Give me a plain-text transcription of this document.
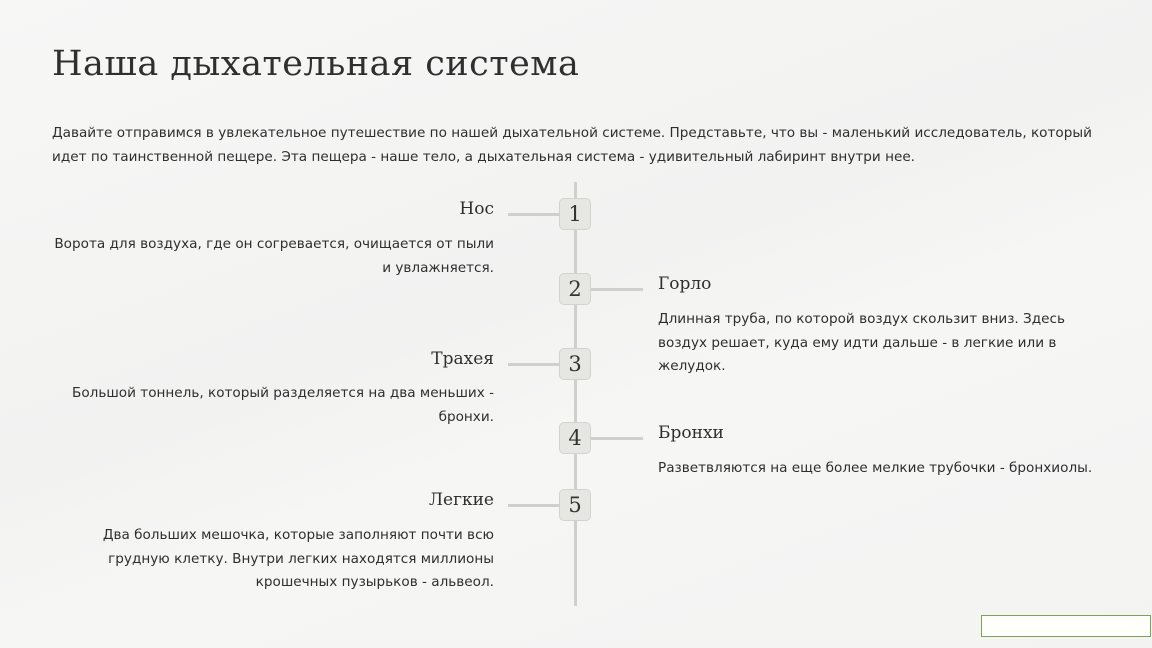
Наша дыхательная система

Давайте отправимся в увлекательное путешествие по нашей дыхательной системе. Представьте, что вы - маленький исследователь, который идет по таинственной пещере. Эта пещера - наше тело, а дыхательная система - удивительный лабиринт внутри нее.

1
Нос
Ворота для воздуха, где он согревается, очищается от пыли и увлажняется.
2	Горло
Длинная труба, по которой воздух скользит вниз. Здесь воздух решает, куда ему идти дальше - в легкие или в желудок.
3
Трахея
Большой тоннель, который разделяется на два меньших - бронхи.
4	Бронхи
Разветвляются на еще более мелкие трубочки - бронхиолы.
5
Легкие
Два больших мешочка, которые заполняют почти всю грудную клетку. Внутри легких находятся миллионы крошечных пузырьков - альвеол.
